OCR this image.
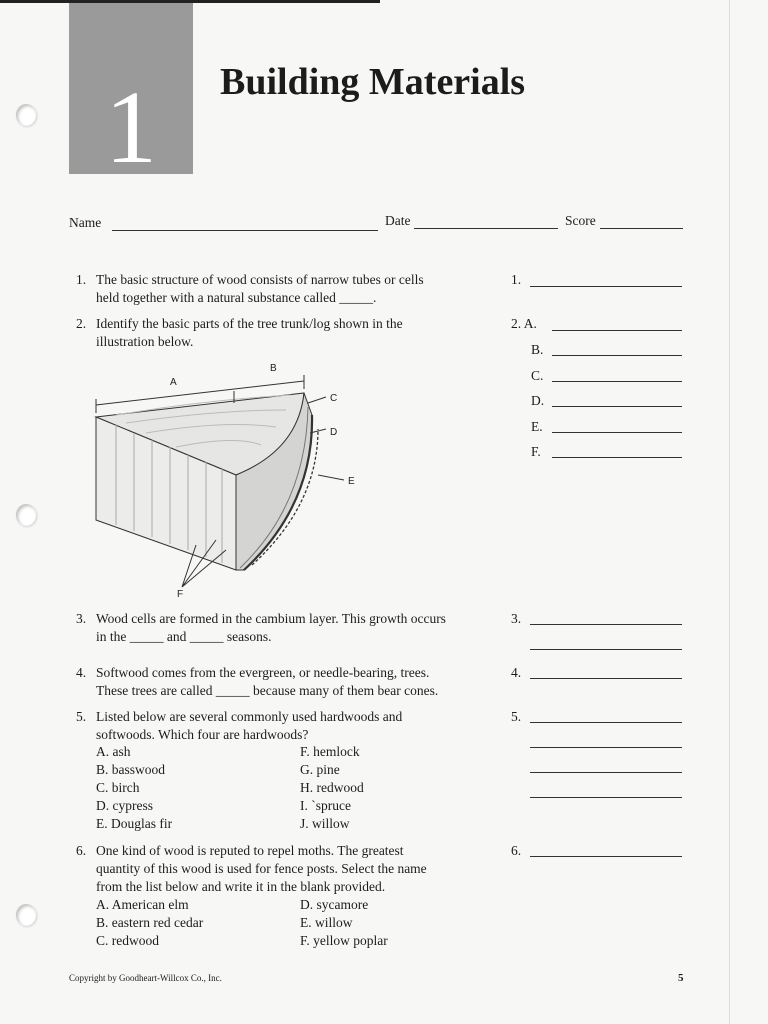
1	Building Materials
Name	Date	Score
1. The basic structure of wood consists of narrow tubes or cells
held together with a natural substance called _____.
1.
2. Identify the basic parts of the tree trunk/log shown in the
illustration below.
2. A.
B.
C.
D.
E.
F.
A
B
C
D
E
F
3. Wood cells are formed in the cambium layer. This growth occurs
in the _____ and _____ seasons.
3.
4. Softwood comes from the evergreen, or needle-bearing, trees.
These trees are called _____ because many of them bear cones.
4.
5. Listed below are several commonly used hardwoods and
softwoods. Which four are hardwoods?
A. ash
B. basswood
C. birch
D. cypress
E. Douglas fir
F. hemlock
G. pine
H. redwood
I. `spruce
J. willow
5.
6. One kind of wood is reputed to repel moths. The greatest
quantity of this wood is used for fence posts. Select the name
from the list below and write it in the blank provided.
A. American elm
B. eastern red cedar
C. redwood
D. sycamore
E. willow
F. yellow poplar
6.
Copyright by Goodheart-Willcox Co., Inc.	5
